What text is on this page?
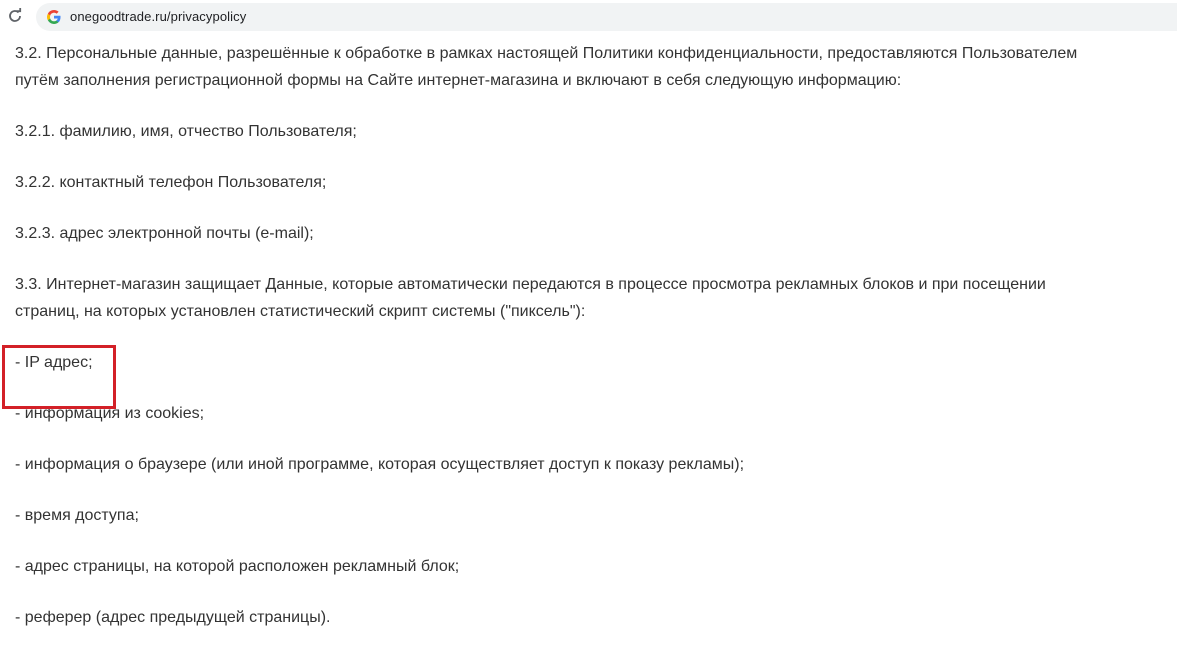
onegoodtrade.ru/privacypolicy

3.2. Персональные данные, разрешённые к обработке в рамках настоящей Политики конфиденциальности, предоставляются Пользователем
путём заполнения регистрационной формы на Сайте интернет-магазина и включают в себя следующую информацию:

3.2.1. фамилию, имя, отчество Пользователя;

3.2.2. контактный телефон Пользователя;

3.2.3. адрес электронной почты (e-mail);

3.3. Интернет-магазин защищает Данные, которые автоматически передаются в процессе просмотра рекламных блоков и при посещении
страниц, на которых установлен статистический скрипт системы ("пиксель"):

- IP адрес;

- информация из cookies;

- информация о браузере (или иной программе, которая осуществляет доступ к показу рекламы);

- время доступа;

- адрес страницы, на которой расположен рекламный блок;

- реферер (адрес предыдущей страницы).
